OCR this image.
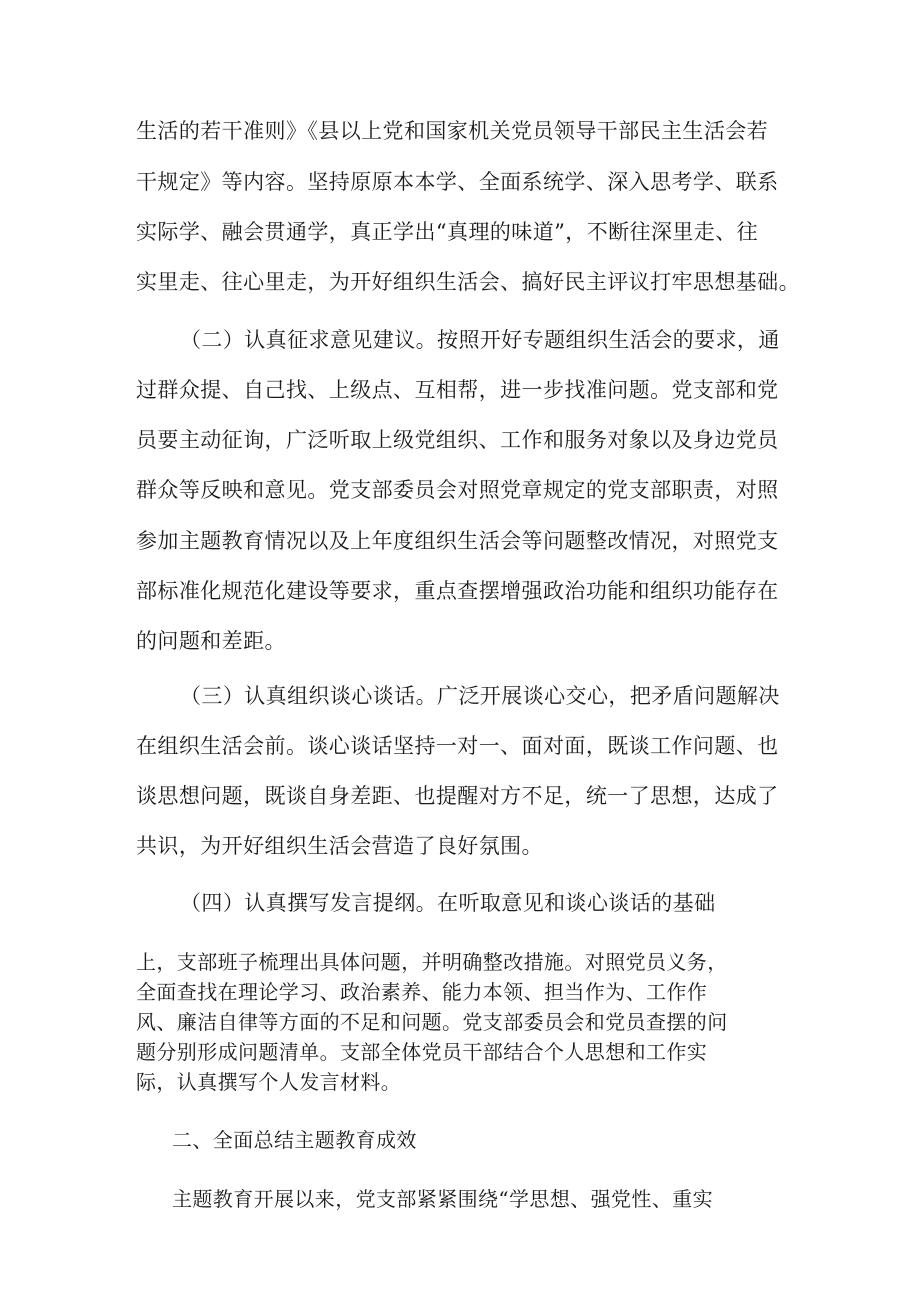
生活的若干准则》《县以上党和国家机关党员领导干部民主生活会若
干规定》等内容。坚持原原本本学、全面系统学、深入思考学、联系
实际学、融会贯通学，真正学出“真理的味道”，不断往深里走、往
实里走、往心里走，为开好组织生活会、搞好民主评议打牢思想基础。
（二）认真征求意见建议。按照开好专题组织生活会的要求，通
过群众提、自己找、上级点、互相帮，进一步找准问题。党支部和党
员要主动征询，广泛听取上级党组织、工作和服务对象以及身边党员
群众等反映和意见。党支部委员会对照党章规定的党支部职责，对照
参加主题教育情况以及上年度组织生活会等问题整改情况，对照党支
部标准化规范化建设等要求，重点查摆增强政治功能和组织功能存在
的问题和差距。
（三）认真组织谈心谈话。广泛开展谈心交心，把矛盾问题解决
在组织生活会前。谈心谈话坚持一对一、面对面，既谈工作问题、也
谈思想问题，既谈自身差距、也提醒对方不足，统一了思想，达成了
共识，为开好组织生活会营造了良好氛围。
（四）认真撰写发言提纲。在听取意见和谈心谈话的基础
上，支部班子梳理出具体问题，并明确整改措施。对照党员义务，
全面查找在理论学习、政治素养、能力本领、担当作为、工作作
风、廉洁自律等方面的不足和问题。党支部委员会和党员查摆的问
题分别形成问题清单。支部全体党员干部结合个人思想和工作实
际，认真撰写个人发言材料。
二、全面总结主题教育成效
主题教育开展以来，党支部紧紧围绕“学思想、强党性、重实
